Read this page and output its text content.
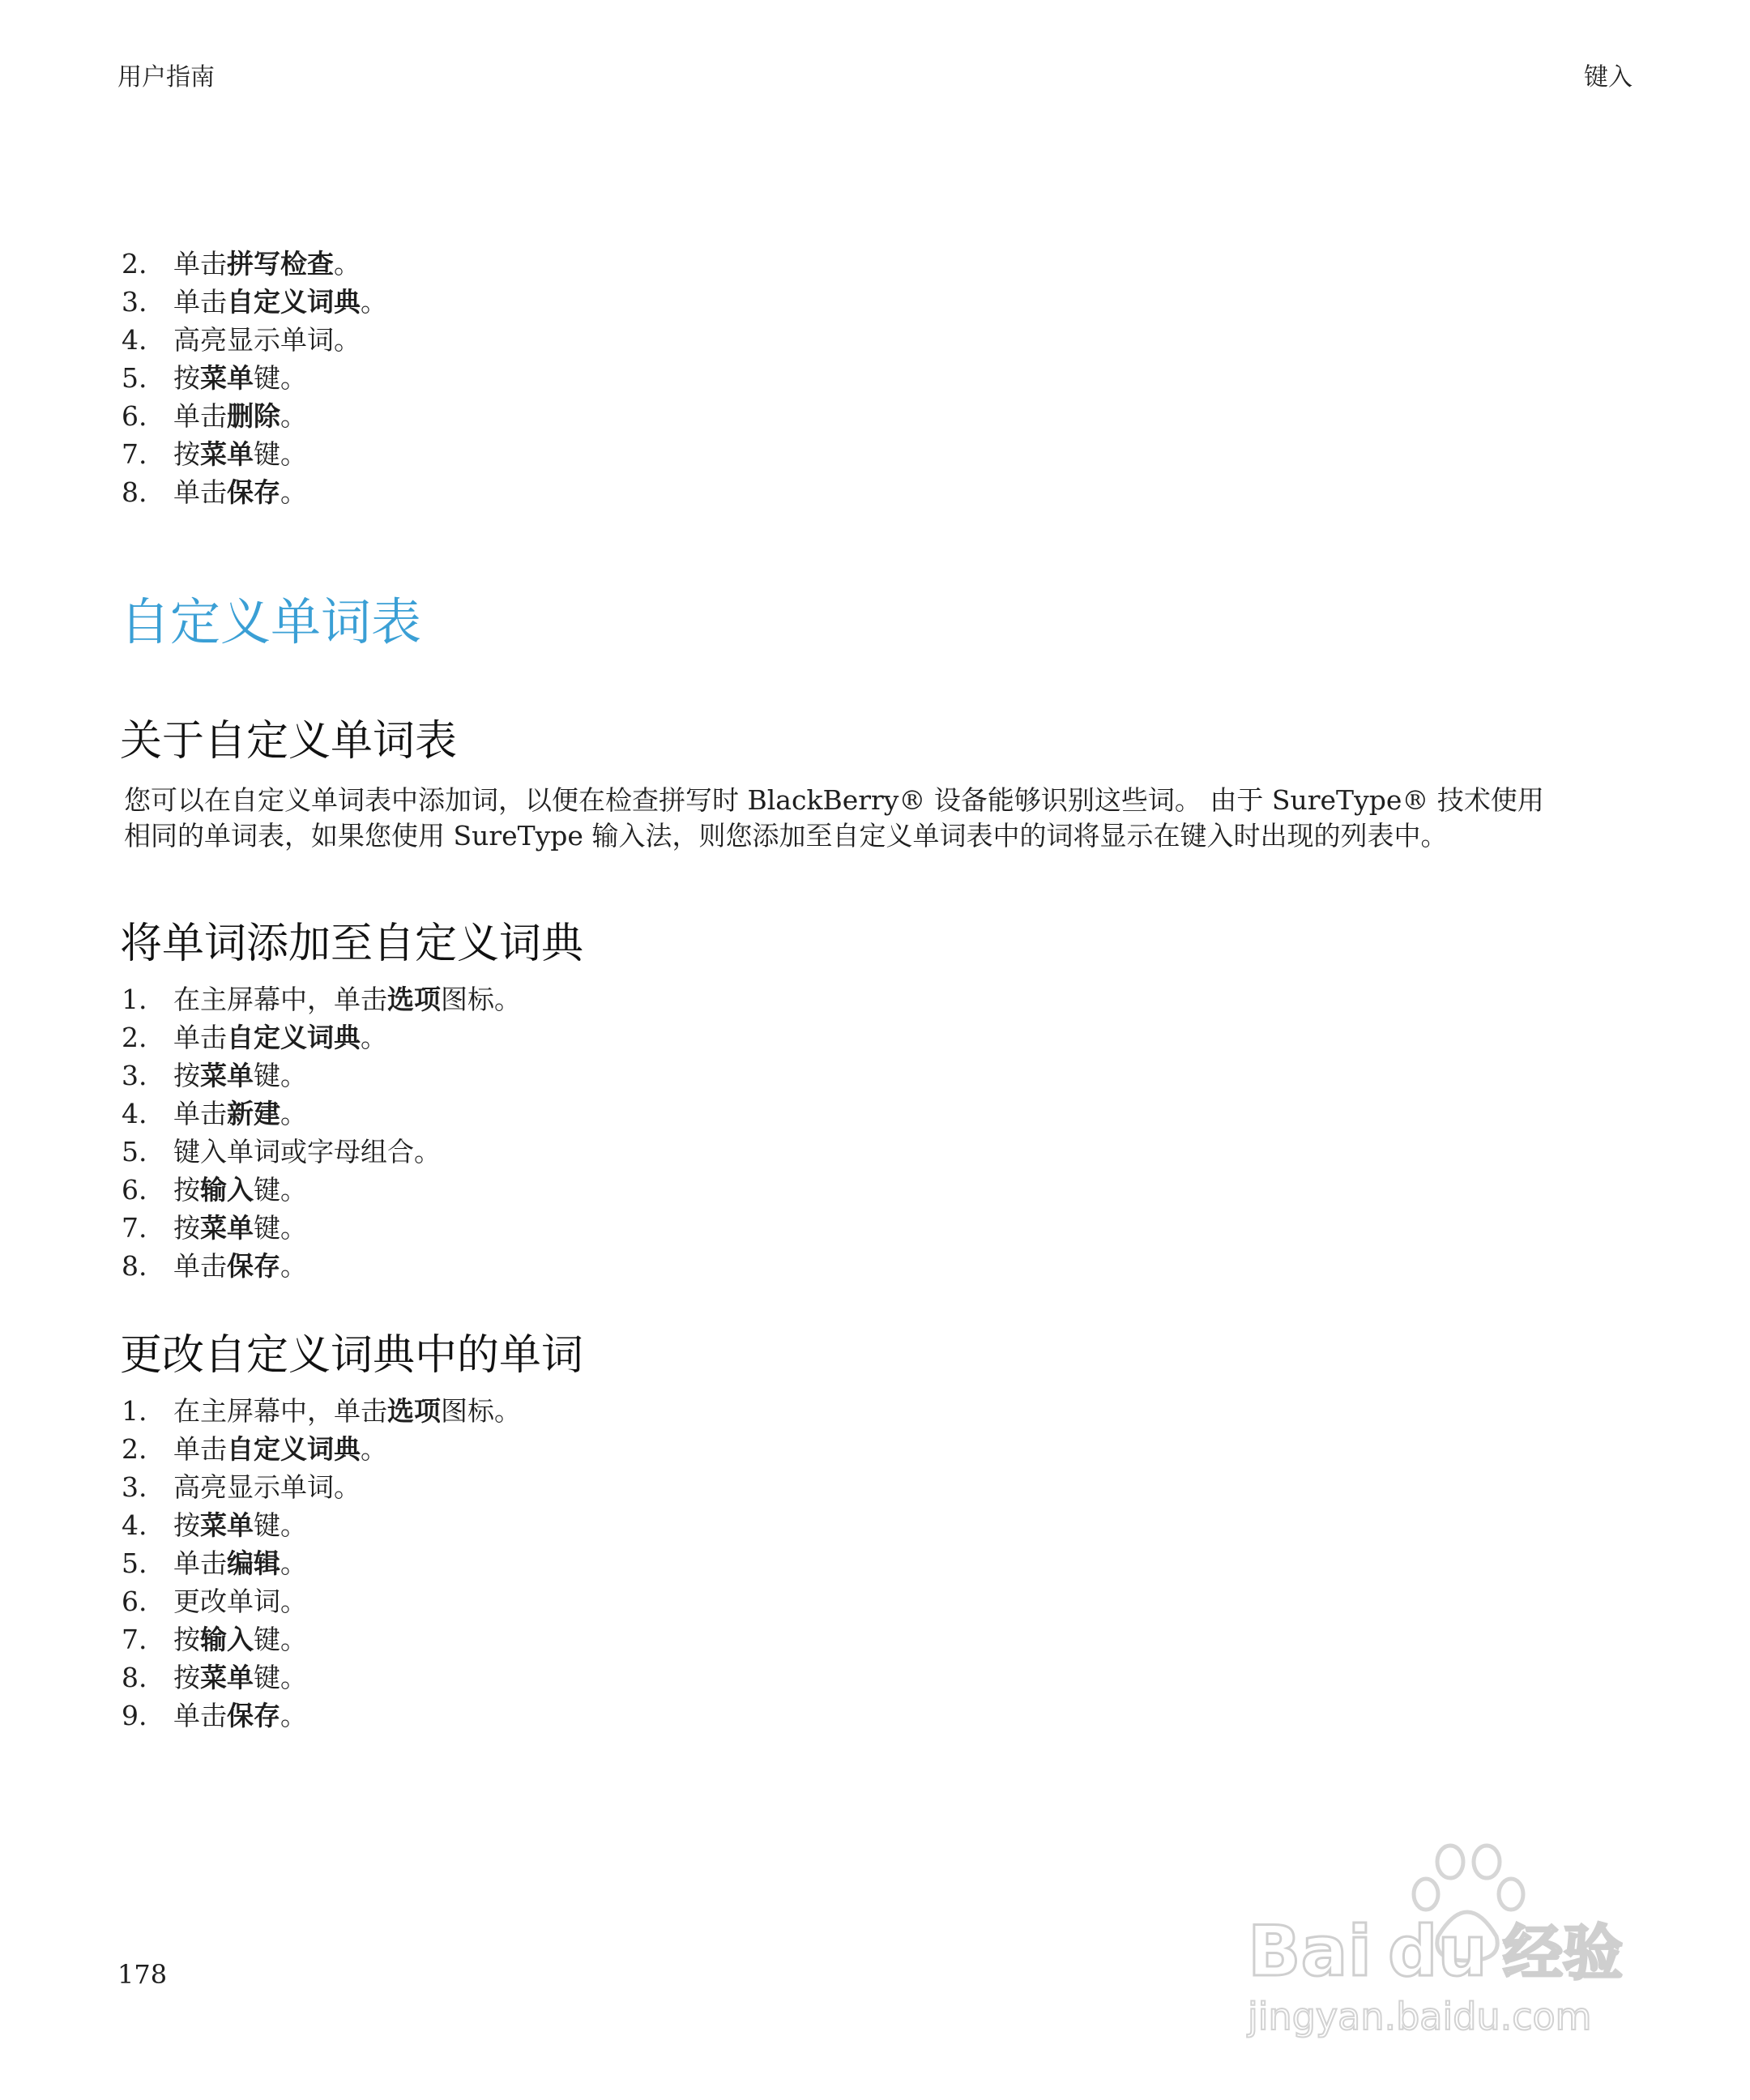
用户指南	键入
2. 单击拼写检查。
3. 单击自定义词典。
4. 高亮显示单词。
5. 按菜单键。
6. 单击删除。
7. 按菜单键。
8. 单击保存。
自定义单词表
关于自定义单词表
您可以在自定义单词表中添加词，以便在检查拼写时 BlackBerry® 设备能够识别这些词。 由于 SureType® 技术使用
相同的单词表，如果您使用 SureType 输入法，则您添加至自定义单词表中的词将显示在键入时出现的列表中。
将单词添加至自定义词典
1. 在主屏幕中，单击选项图标。
2. 单击自定义词典。
3. 按菜单键。
4. 单击新建。
5. 键入单词或字母组合。
6. 按输入键。
7. 按菜单键。
8. 单击保存。
更改自定义词典中的单词
1. 在主屏幕中，单击选项图标。
2. 单击自定义词典。
3. 高亮显示单词。
4. 按菜单键。
5. 单击编辑。
6. 更改单词。
7. 按输入键。
8. 按菜单键。
9. 单击保存。
178	Bai du 经验
jingyan.baidu.com
